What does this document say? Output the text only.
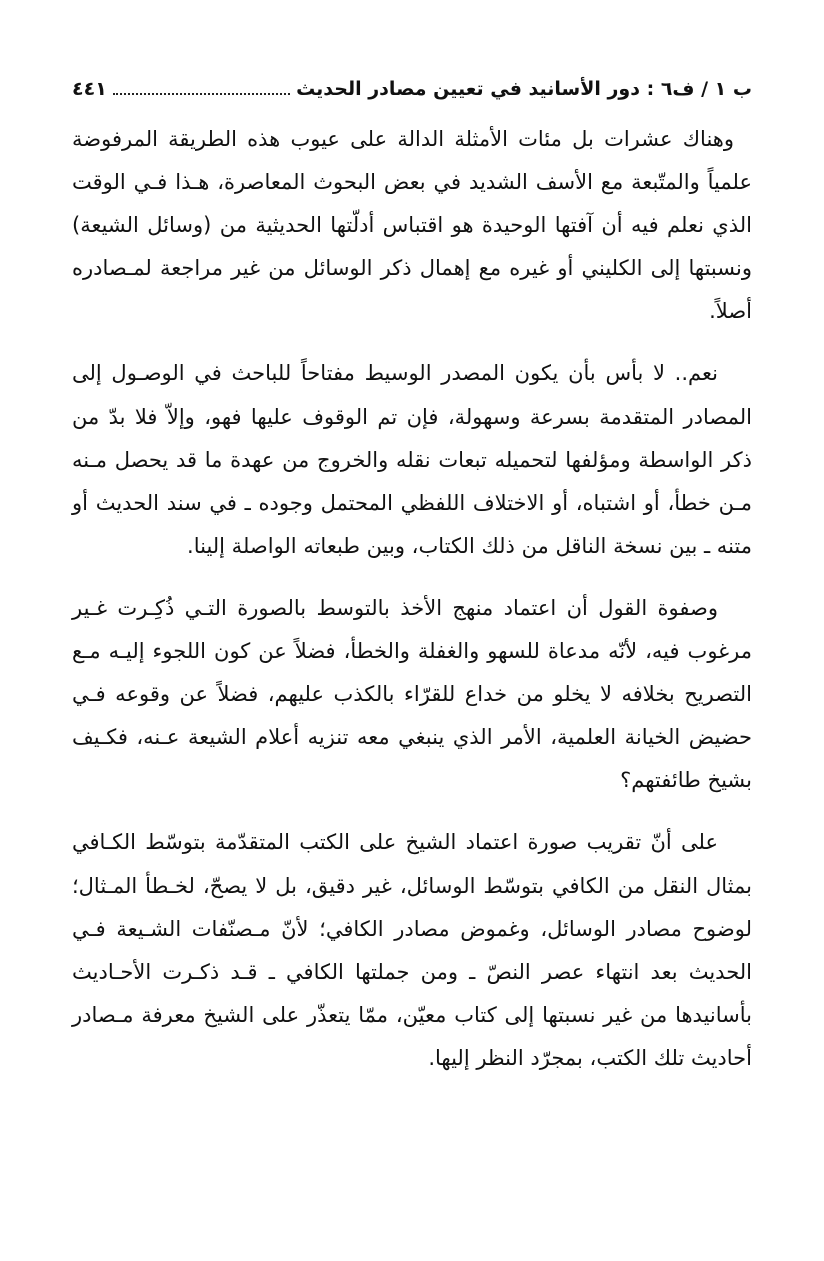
ب ١ / ف٦ : دور الأسانيد في تعيين مصادر الحديث
٤٤١

وهناك عشرات بل مئات الأمثلة الدالة على عيوب هذه الطريقة المرفوضة علمياً والمتّبعة مع الأسف الشديد في بعض البحوث المعاصرة، هـذا فـي الوقت الذي نعلم فيه أن آفتها الوحيدة هو اقتباس أدلّتها الحديثية من (وسائل الشيعة) ونسبتها إلى الكليني أو غيره مع إهمال ذكر الوسائل من غير مراجعة لمـصادره أصلاً.

نعم.. لا بأس بأن يكون المصدر الوسيط مفتاحاً للباحث في الوصـول إلى المصادر المتقدمة بسرعة وسهولة، فإن تم الوقوف عليها فهو، وإلاّ فلا بدّ من ذكر الواسطة ومؤلفها لتحميله تبعات نقله والخروج من عهدة ما قد يحصل مـنه مـن خطأ، أو اشتباه، أو الاختلاف اللفظي المحتمل وجوده ـ في سند الحديث أو متنه ـ بين نسخة الناقل من ذلك الكتاب، وبين طبعاته الواصلة إلينا.

وصفوة القول أن اعتماد منهج الأخذ بالتوسط بالصورة التـي ذُكِـرت غـير مرغوب فيه، لأنّه مدعاة للسهو والغفلة والخطأ، فضلاً عن كون اللجوء إليـه مـع التصريح بخلافه لا يخلو من خداع للقرّاء بالكذب عليهم، فضلاً عن وقوعه فـي حضيض الخيانة العلمية، الأمر الذي ينبغي معه تنزيه أعلام الشيعة عـنه، فكـيف بشيخ طائفتهم؟

على أنّ تقريب صورة اعتماد الشيخ على الكتب المتقدّمة بتوسّط الكـافي بمثال النقل من الكافي بتوسّط الوسائل، غير دقيق، بل لا يصحّ، لخـطأ المـثال؛ لوضوح مصادر الوسائل، وغموض مصادر الكافي؛ لأنّ مـصنّفات الشـيعة فـي الحديث بعد انتهاء عصر النصّ ـ ومن جملتها الكافي ـ قـد ذكـرت الأحـاديث بأسانيدها من غير نسبتها إلى كتاب معيّن، ممّا يتعذّر على الشيخ معرفة مـصادر أحاديث تلك الكتب، بمجرّد النظر إليها.
